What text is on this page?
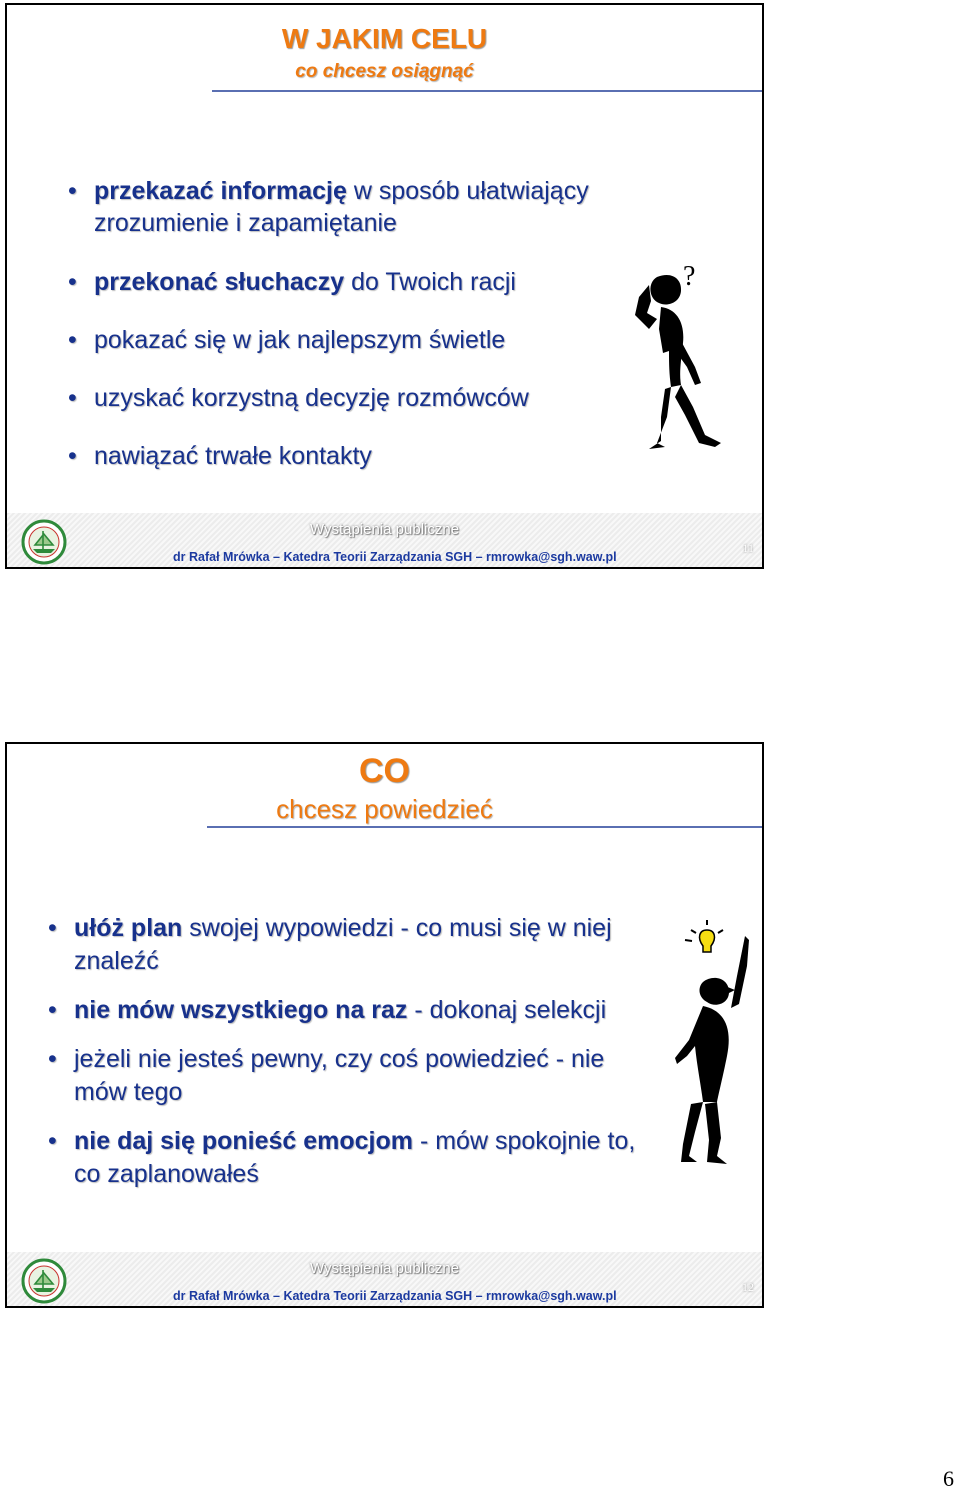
W JAKIM CELU
co chcesz osiągnąć
• przekazać informację w sposób ułatwiający zrozumienie i zapamiętanie
• przekonać słuchaczy do Twoich racji
• pokazać się w jak najlepszym świetle
• uzyskać korzystną decyzję rozmówców
• nawiązać trwałe kontakty
?
Wystąpienia publiczne
dr Rafał Mrówka – Katedra Teorii Zarządzania SGH – rmrowka@sgh.waw.pl
11
CO
chcesz powiedzieć
• ułóż plan swojej wypowiedzi - co musi się w niej znaleźć
• nie mów wszystkiego na raz - dokonaj selekcji
• jeżeli nie jesteś pewny, czy coś powiedzieć - nie mów tego
• nie daj się ponieść emocjom - mów spokojnie to, co zaplanowałeś
Wystąpienia publiczne
dr Rafał Mrówka – Katedra Teorii Zarządzania SGH – rmrowka@sgh.waw.pl
12
6
